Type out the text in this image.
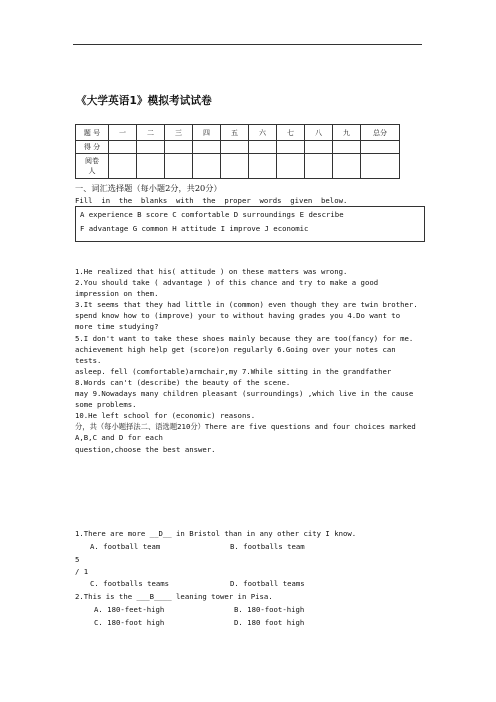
《大学英语1》模拟考试试卷
题 号	一	二	三	四	五	六	七	八	九	总分
得 分										
阅卷
人										
一、词汇选择题（每小题2分，共20分）
Fill  in  the  blanks  with  the  proper  words  given  below.
A experience B score C comfortable D surroundings E describe
F advantage G common H attitude I improve J economic
1.He realized that his( attitude ) on these matters was wrong.
2.You should take ( advantage ) of this chance and try to make a good impression on them.
3.It seems that they had little in (common) even though they are twin brother.
spend know how to (improve) your to without having grades you 4.Do want to
more time studying?
5.I don't want to take these shoes mainly because they are too(fancy) for me.
achievement high help get (score)on regularly 6.Going over your notes can tests.
asleep. fell (comfortable)armchair,my 7.While sitting in the grandfather 8.Words can't (describe) the beauty of the scene.
may 9.Nowadays many children pleasant (surroundings) ,which live in the cause some problems.
10.He left school for (economic) reasons.
分，共（每小题择法二、语选题210分）There are five questions and four choices marked A,B,C and D for each
question,choose the best answer.
1.There are more __D__ in Bristol than in any other city I know.
A. football team	B. footballs team
5
/ 1
C. footballs teams	D. football teams
2.This is the ___B____ leaning tower in Pisa.
A. 180-feet-high	B. 180-foot-high
C. 180-foot high	D. 180 foot high
